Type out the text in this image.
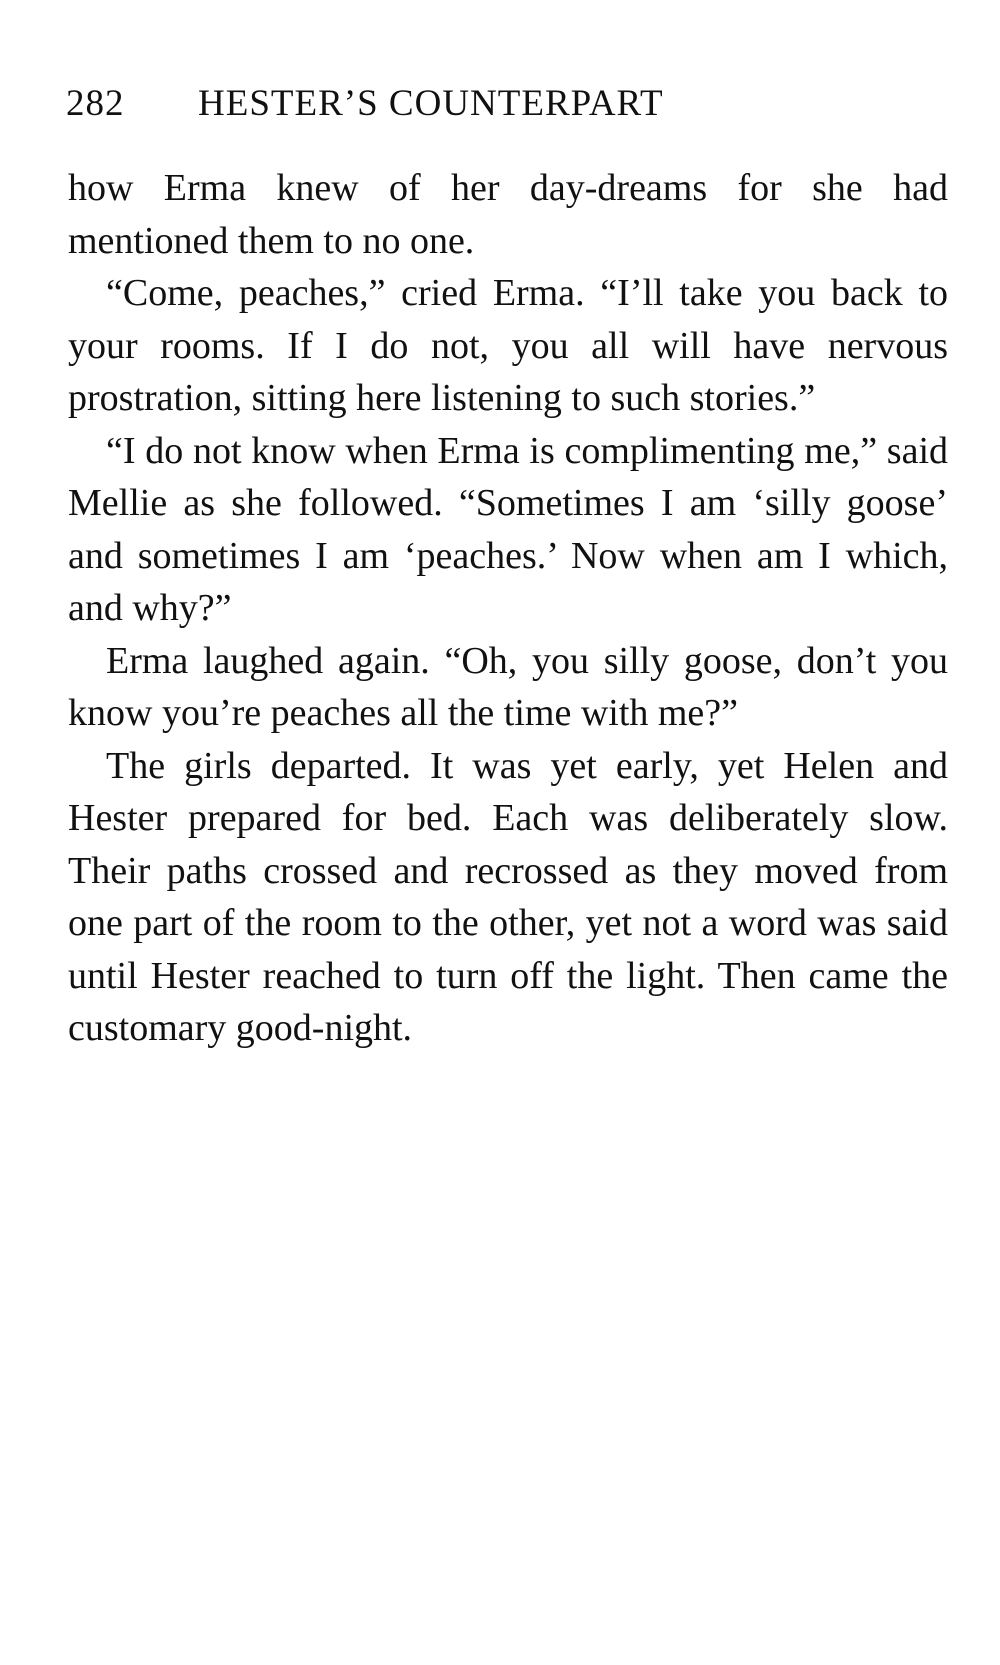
282 HESTER’S COUNTERPART

how Erma knew of her day-dreams for she had mentioned them to no one.

“Come, peaches,” cried Erma. “I’ll take you back to your rooms. If I do not, you all will have nervous prostration, sitting here listening to such stories.”

“I do not know when Erma is complimenting me,” said Mellie as she followed. “Sometimes I am ‘silly goose’ and sometimes I am ‘peaches.’ Now when am I which, and why?”

Erma laughed again. “Oh, you silly goose, don’t you know you’re peaches all the time with me?”

The girls departed. It was yet early, yet Helen and Hester prepared for bed. Each was deliberately slow. Their paths crossed and recrossed as they moved from one part of the room to the other, yet not a word was said until Hester reached to turn off the light. Then came the customary good-night.
